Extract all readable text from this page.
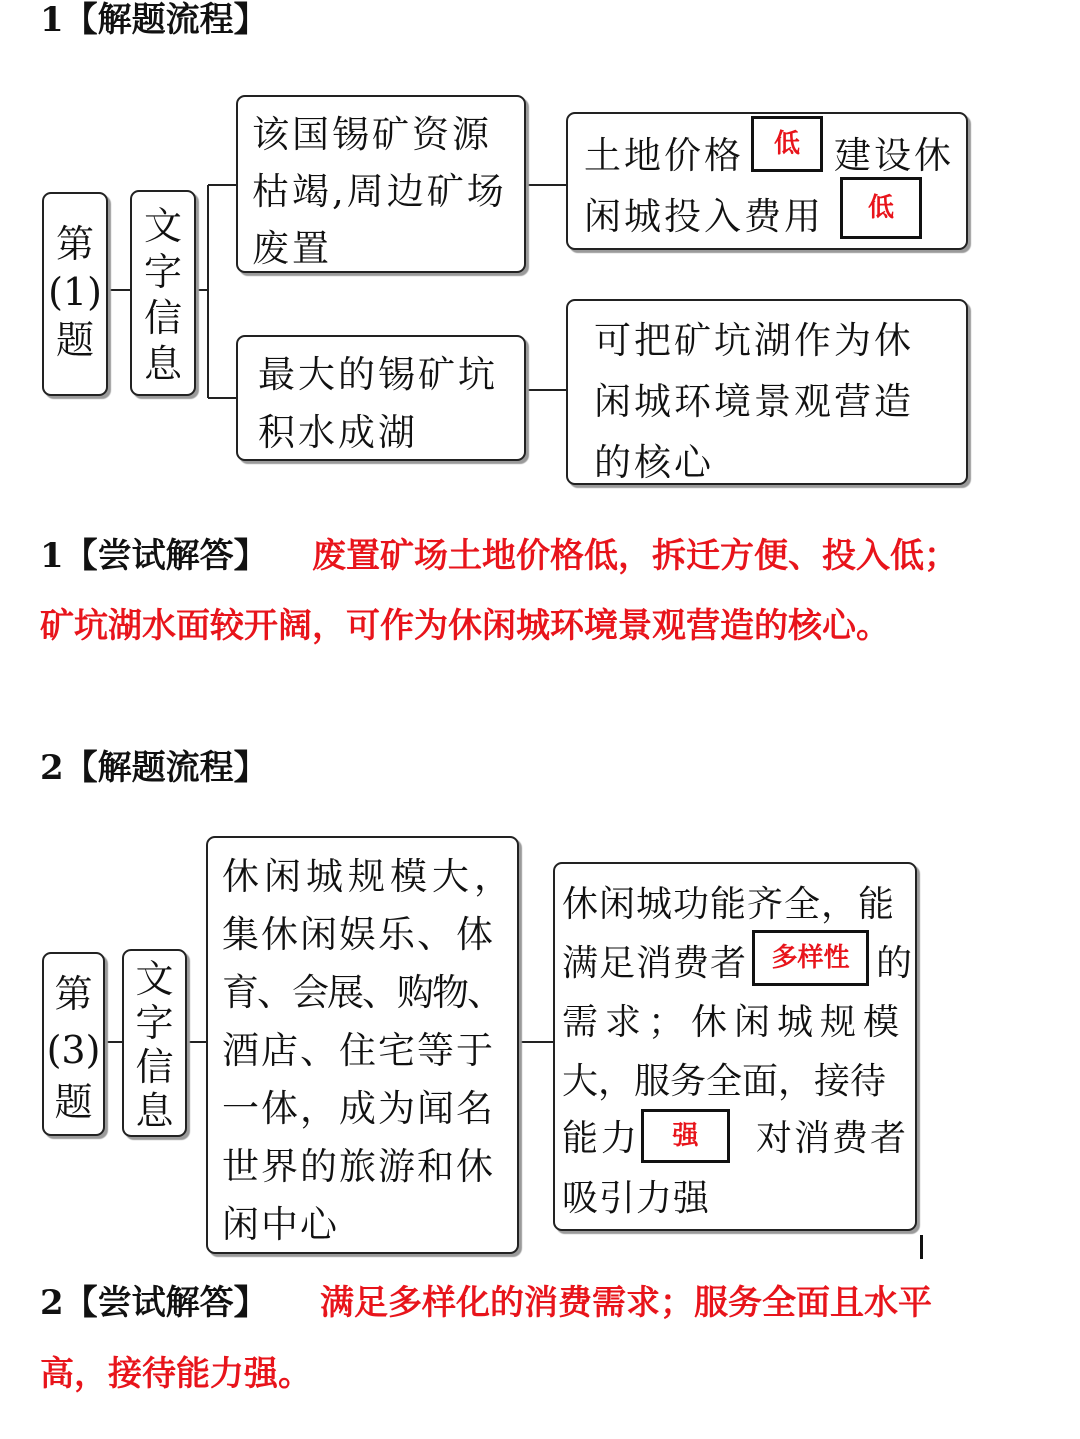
1【解题流程】
第
(1)
题
文
字
信
息
该国锡矿资源
枯竭,周边矿场
废置
最大的锡矿坑
积水成湖
土地价格	低 建设休
闲城投入费用	低
可把矿坑湖作为休
闲城环境景观营造
的核心
1【尝试解答】 废置矿场土地价格低，拆迁方便、投入低；
矿坑湖水面较开阔，可作为休闲城环境景观营造的核心。
2【解题流程】
第
(3)
题
文
字
信
息
休闲城规模大，
集休闲娱乐、体
育、会展、购物、
酒店、住宅等于
一体，成为闻名
世界的旅游和休
闲中心
休闲城功能齐全，能
满足消费者 多样性 的
需求；休闲城规模
大，服务全面，接待
能力	强	对消费者
吸引力强
2【尝试解答】 满足多样化的消费需求；服务全面且水平
高，接待能力强。
